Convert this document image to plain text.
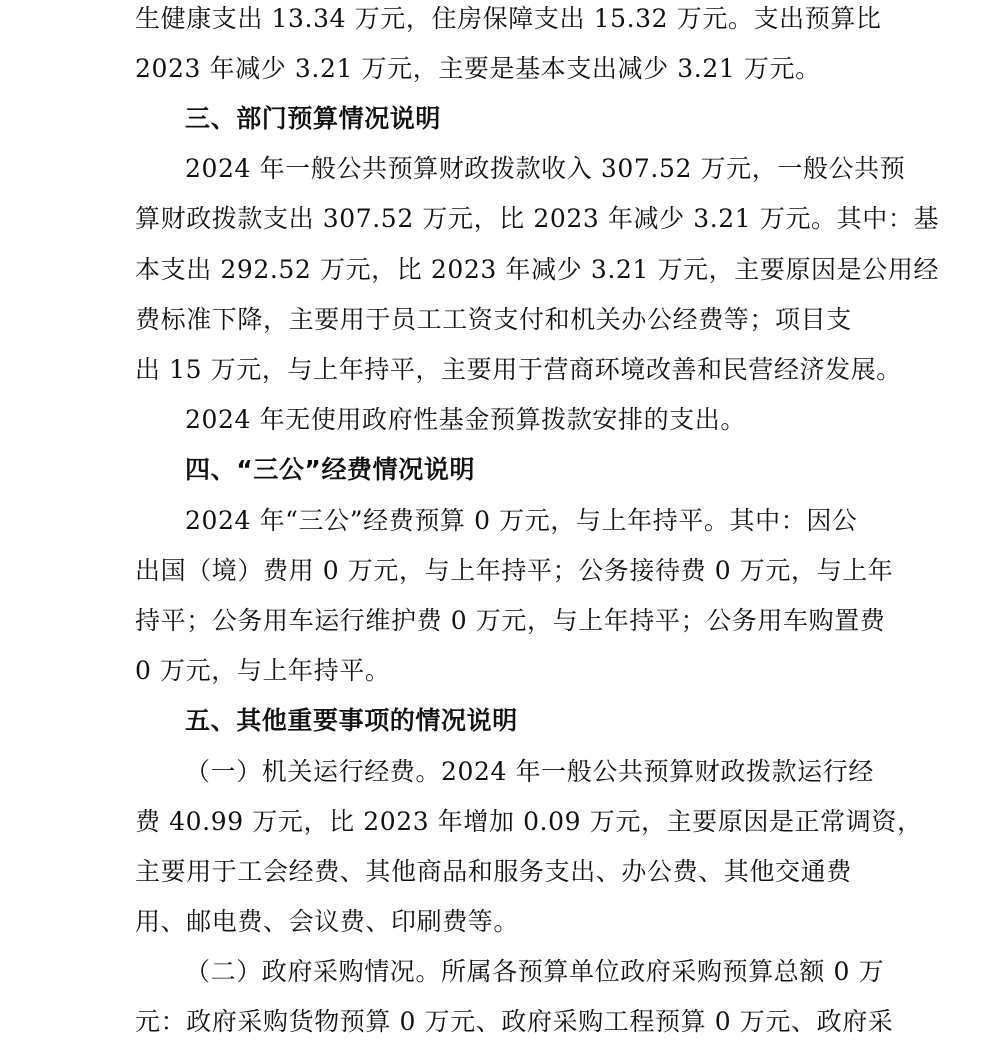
生健康支出 13.34 万元，住房保障支出 15.32 万元。支出预算比
2023 年减少 3.21 万元，主要是基本支出减少 3.21 万元。
三、部门预算情况说明
2024 年一般公共预算财政拨款收入 307.52 万元，一般公共预
算财政拨款支出 307.52 万元，比 2023 年减少 3.21 万元。其中：基
本支出 292.52 万元，比 2023 年减少 3.21 万元，主要原因是公用经
费标准下降，主要用于员工工资支付和机关办公经费等；项目支
出 15 万元，与上年持平，主要用于营商环境改善和民营经济发展。
2024 年无使用政府性基金预算拨款安排的支出。
四、“三公”经费情况说明
2024 年“三公”经费预算 0 万元，与上年持平。其中：因公
出国（境）费用 0 万元，与上年持平；公务接待费 0 万元，与上年
持平；公务用车运行维护费 0 万元，与上年持平；公务用车购置费
0 万元，与上年持平。
五、其他重要事项的情况说明
（一）机关运行经费。2024 年一般公共预算财政拨款运行经
费 40.99 万元，比 2023 年增加 0.09 万元，主要原因是正常调资，
主要用于工会经费、其他商品和服务支出、办公费、其他交通费
用、邮电费、会议费、印刷费等。
（二）政府采购情况。所属各预算单位政府采购预算总额 0 万
元：政府采购货物预算 0 万元、政府采购工程预算 0 万元、政府采
